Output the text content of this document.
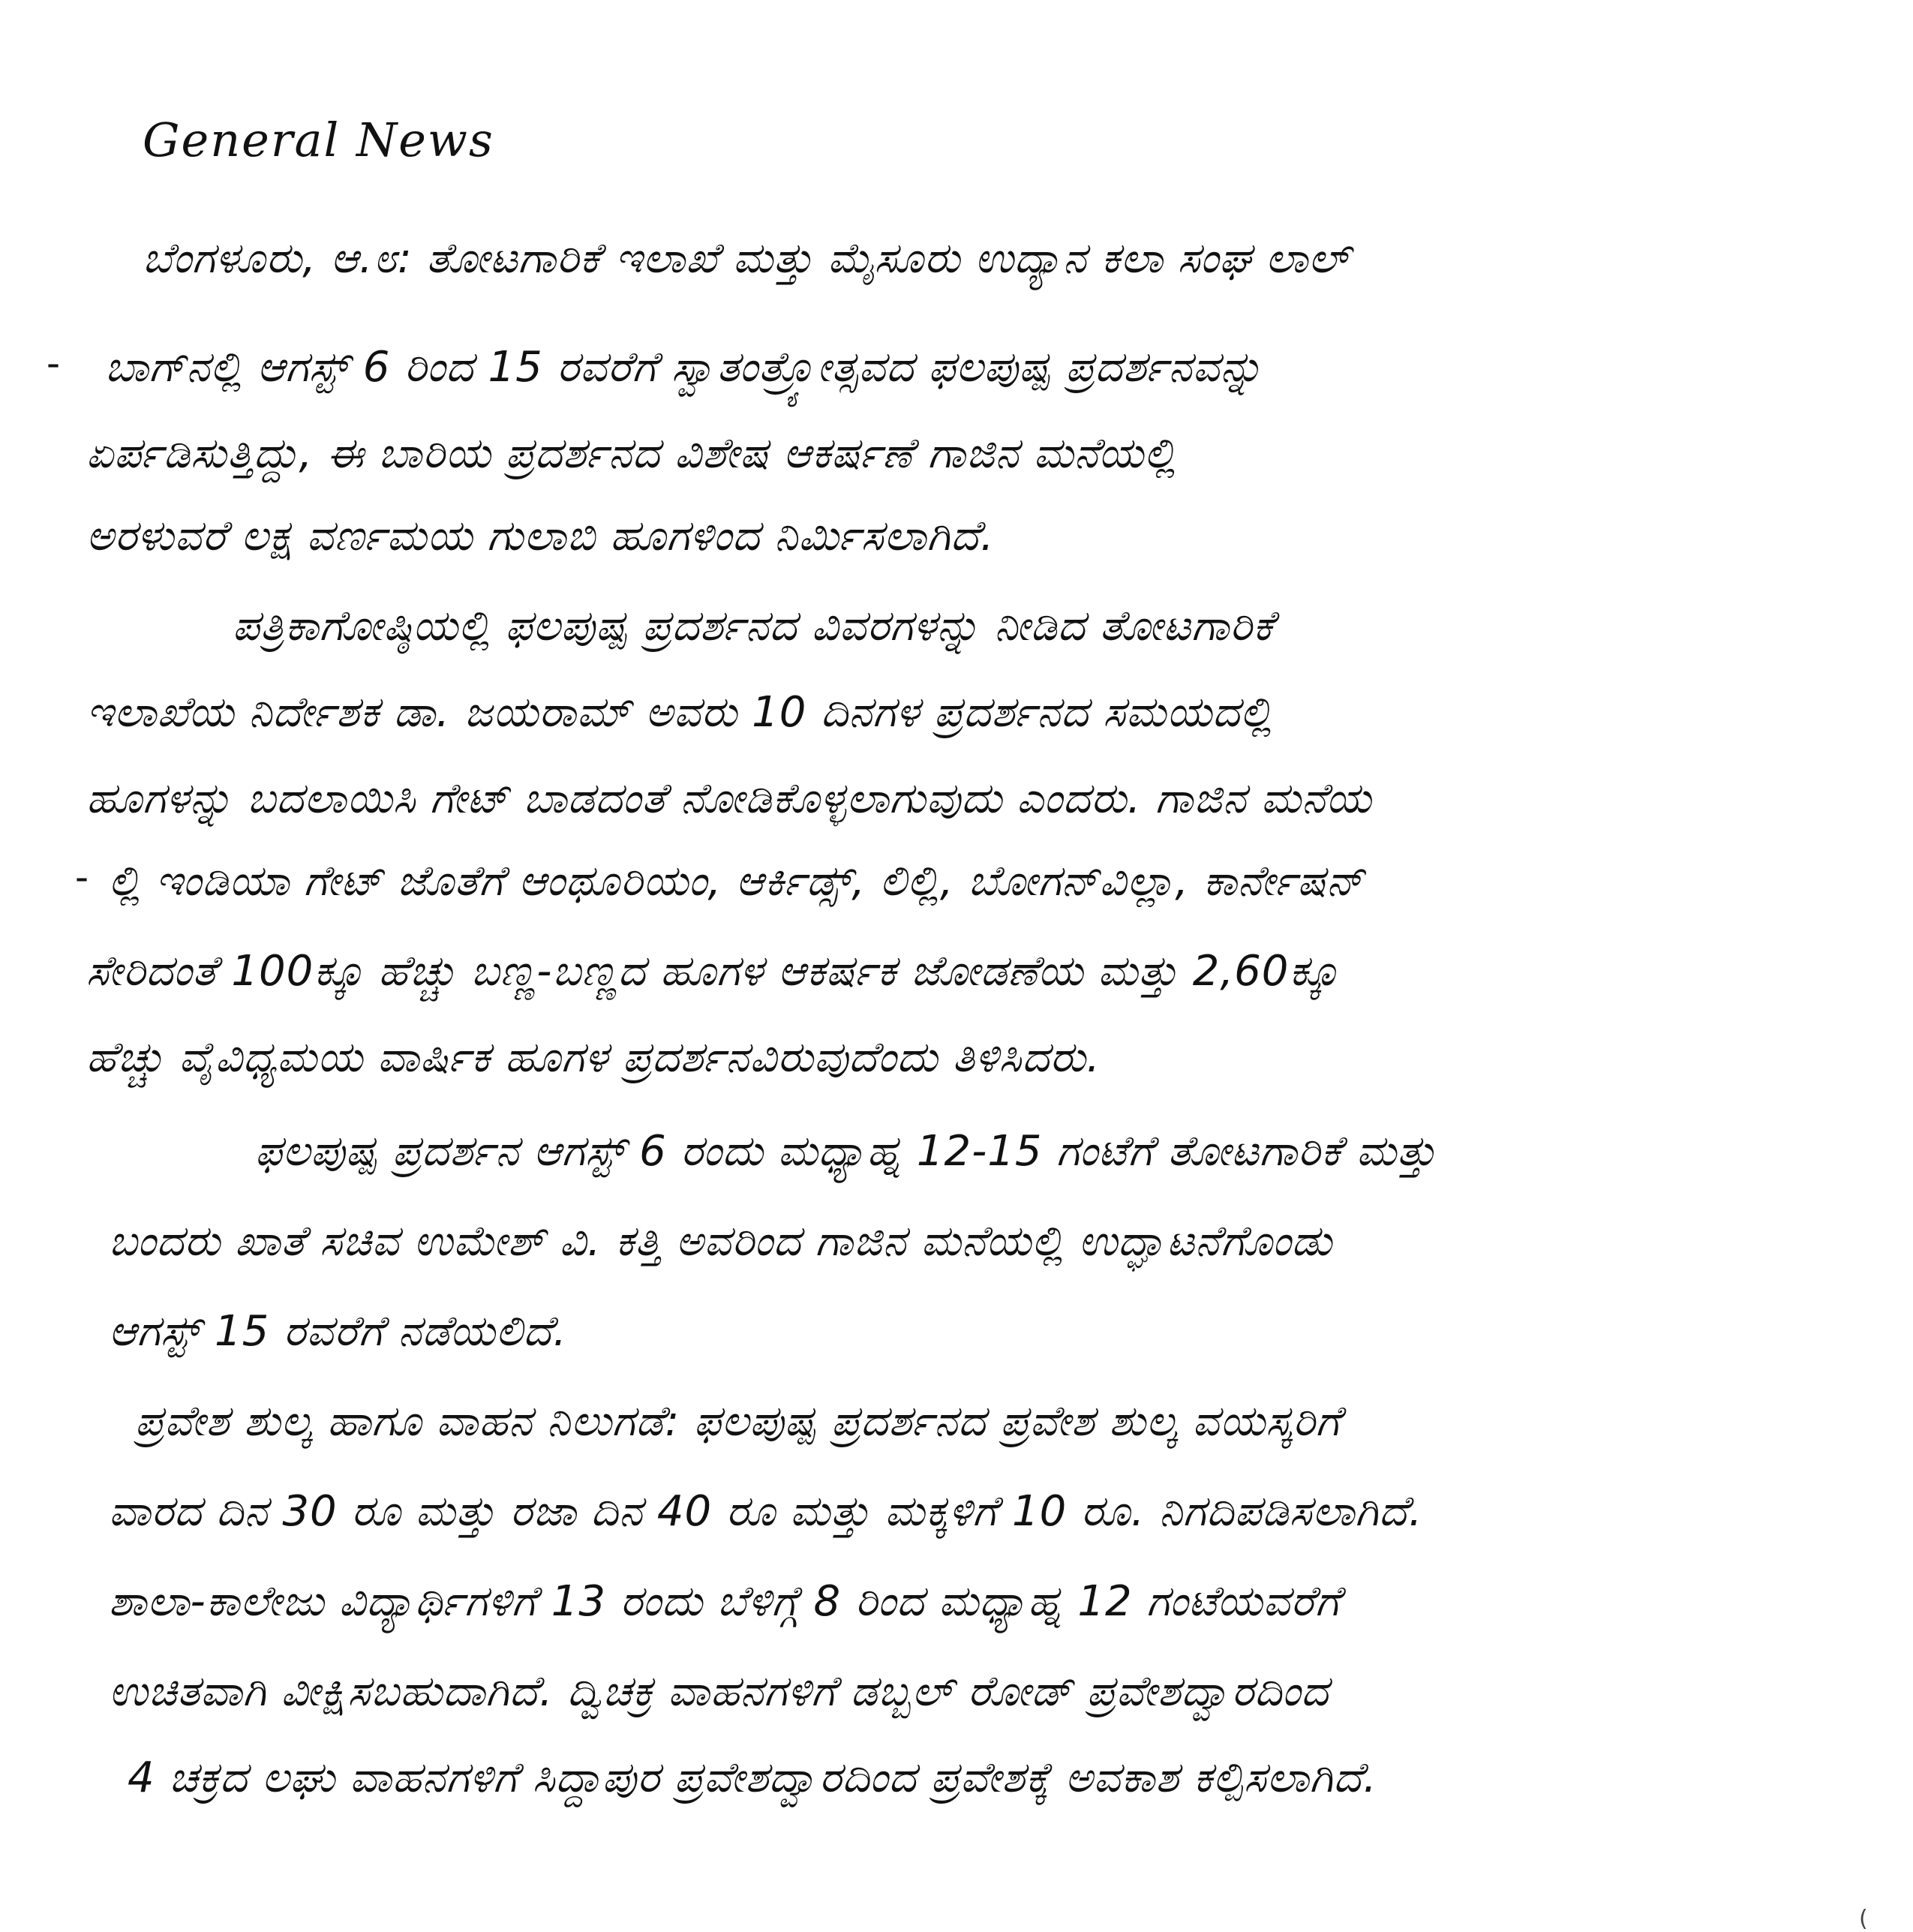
General News
ಬೆಂಗಳೂರು, ಆ.೮: ತೋಟಗಾರಿಕೆ ಇಲಾಖೆ ಮತ್ತು ಮೈಸೂರು ಉದ್ಯಾನ ಕಲಾ ಸಂಘ ಲಾಲ್
- ಬಾಗ್‌ನಲ್ಲಿ ಆಗಸ್ಟ್ 6 ರಿಂದ 15 ರವರೆಗೆ ಸ್ವಾತಂತ್ರ್ಯೋತ್ಸವದ ಫಲಪುಷ್ಪ ಪ್ರದರ್ಶನವನ್ನು
ಏರ್ಪಡಿಸುತ್ತಿದ್ದು, ಈ ಬಾರಿಯ ಪ್ರದರ್ಶನದ ವಿಶೇಷ ಆಕರ್ಷಣೆ ಗಾಜಿನ ಮನೆಯಲ್ಲಿ
ಅರಳುವರೆ ಲಕ್ಷ ವರ್ಣಮಯ ಗುಲಾಬಿ ಹೂಗಳಿಂದ ನಿರ್ಮಿಸಲಾಗಿದೆ.
ಪತ್ರಿಕಾಗೋಷ್ಠಿಯಲ್ಲಿ ಫಲಪುಷ್ಪ ಪ್ರದರ್ಶನದ ವಿವರಗಳನ್ನು ನೀಡಿದ ತೋಟಗಾರಿಕೆ
ಇಲಾಖೆಯ ನಿರ್ದೇಶಕ ಡಾ. ಜಯರಾಮ್ ಅವರು 10 ದಿನಗಳ ಪ್ರದರ್ಶನದ ಸಮಯದಲ್ಲಿ
ಹೂಗಳನ್ನು ಬದಲಾಯಿಸಿ ಗೇಟ್ ಬಾಡದಂತೆ ನೋಡಿಕೊಳ್ಳಲಾಗುವುದು ಎಂದರು. ಗಾಜಿನ ಮನೆಯ
- ಲ್ಲಿ ಇಂಡಿಯಾ ಗೇಟ್ ಜೊತೆಗೆ ಆಂಥೂರಿಯಂ, ಆರ್ಕಿಡ್ಸ್, ಲಿಲ್ಲಿ, ಬೋಗನ್‌ವಿಲ್ಲಾ, ಕಾರ್ನೇಷನ್
ಸೇರಿದಂತೆ 100ಕ್ಕೂ ಹೆಚ್ಚು ಬಣ್ಣ-ಬಣ್ಣದ ಹೂಗಳ ಆಕರ್ಷಕ ಜೋಡಣೆಯ ಮತ್ತು 2,60ಕ್ಕೂ
ಹೆಚ್ಚು ವೈವಿಧ್ಯಮಯ ವಾರ್ಷಿಕ ಹೂಗಳ ಪ್ರದರ್ಶನವಿರುವುದೆಂದು ತಿಳಿಸಿದರು.
ಫಲಪುಷ್ಪ ಪ್ರದರ್ಶನ ಆಗಸ್ಟ್ 6 ರಂದು ಮಧ್ಯಾಹ್ನ 12-15 ಗಂಟೆಗೆ ತೋಟಗಾರಿಕೆ ಮತ್ತು
ಬಂದರು ಖಾತೆ ಸಚಿವ ಉಮೇಶ್ ವಿ. ಕತ್ತಿ ಅವರಿಂದ ಗಾಜಿನ ಮನೆಯಲ್ಲಿ ಉದ್ಘಾಟನೆಗೊಂಡು
ಆಗಸ್ಟ್ 15 ರವರೆಗೆ ನಡೆಯಲಿದೆ.
ಪ್ರವೇಶ ಶುಲ್ಕ ಹಾಗೂ ವಾಹನ ನಿಲುಗಡೆ: ಫಲಪುಷ್ಪ ಪ್ರದರ್ಶನದ ಪ್ರವೇಶ ಶುಲ್ಕ ವಯಸ್ಕರಿಗೆ
ವಾರದ ದಿನ 30 ರೂ ಮತ್ತು ರಜಾ ದಿನ 40 ರೂ ಮತ್ತು ಮಕ್ಕಳಿಗೆ 10 ರೂ. ನಿಗದಿಪಡಿಸಲಾಗಿದೆ.
ಶಾಲಾ-ಕಾಲೇಜು ವಿದ್ಯಾರ್ಥಿಗಳಿಗೆ 13 ರಂದು ಬೆಳಿಗ್ಗೆ 8 ರಿಂದ ಮಧ್ಯಾಹ್ನ 12 ಗಂಟೆಯವರೆಗೆ
ಉಚಿತವಾಗಿ ವೀಕ್ಷಿಸಬಹುದಾಗಿದೆ. ದ್ವಿಚಕ್ರ ವಾಹನಗಳಿಗೆ ಡಬ್ಬಲ್ ರೋಡ್ ಪ್ರವೇಶದ್ವಾರದಿಂದ
4 ಚಕ್ರದ ಲಘು ವಾಹನಗಳಿಗೆ ಸಿದ್ದಾಪುರ ಪ್ರವೇಶದ್ವಾರದಿಂದ ಪ್ರವೇಶಕ್ಕೆ ಅವಕಾಶ ಕಲ್ಪಿಸಲಾಗಿದೆ.
(
